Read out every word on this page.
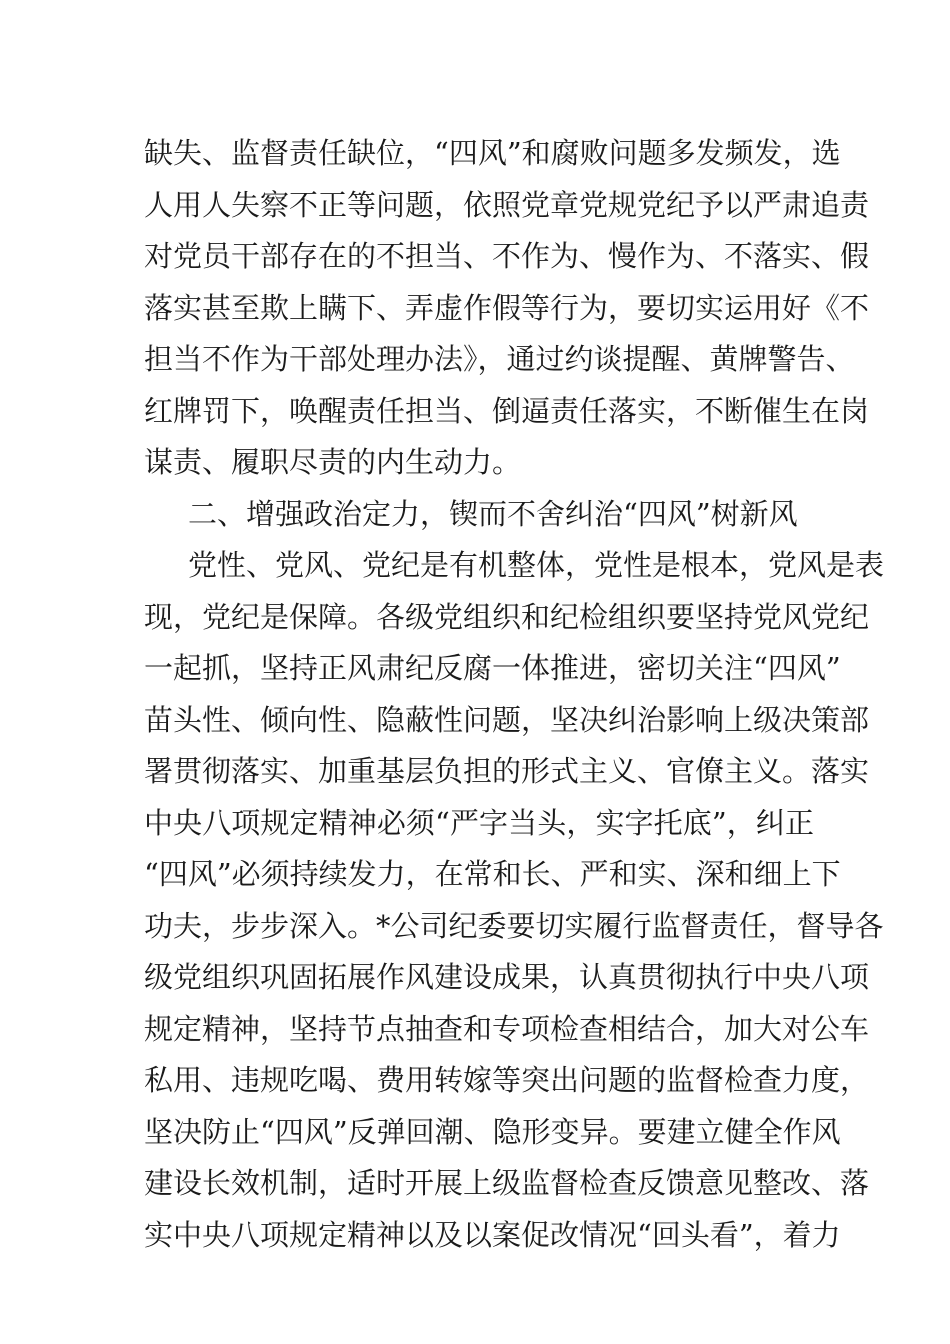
缺失、监督责任缺位，“四风”和腐败问题多发频发，选
人用人失察不正等问题，依照党章党规党纪予以严肃追责
对党员干部存在的不担当、不作为、慢作为、不落实、假
落实甚至欺上瞒下、弄虚作假等行为，要切实运用好《不
担当不作为干部处理办法》，通过约谈提醒、黄牌警告、
红牌罚下，唤醒责任担当、倒逼责任落实，不断催生在岗
谋责、履职尽责的内生动力。
二、增强政治定力，锲而不舍纠治“四风”树新风
党性、党风、党纪是有机整体，党性是根本，党风是表
现，党纪是保障。各级党组织和纪检组织要坚持党风党纪
一起抓，坚持正风肃纪反腐一体推进，密切关注“四风”
苗头性、倾向性、隐蔽性问题，坚决纠治影响上级决策部
署贯彻落实、加重基层负担的形式主义、官僚主义。落实
中央八项规定精神必须“严字当头，实字托底”，纠正
“四风”必须持续发力，在常和长、严和实、深和细上下
功夫，步步深入。*公司纪委要切实履行监督责任，督导各
级党组织巩固拓展作风建设成果，认真贯彻执行中央八项
规定精神，坚持节点抽查和专项检查相结合，加大对公车
私用、违规吃喝、费用转嫁等突出问题的监督检查力度，
坚决防止“四风”反弹回潮、隐形变异。要建立健全作风
建设长效机制，适时开展上级监督检查反馈意见整改、落
实中央八项规定精神以及以案促改情况“回头看”，着力
